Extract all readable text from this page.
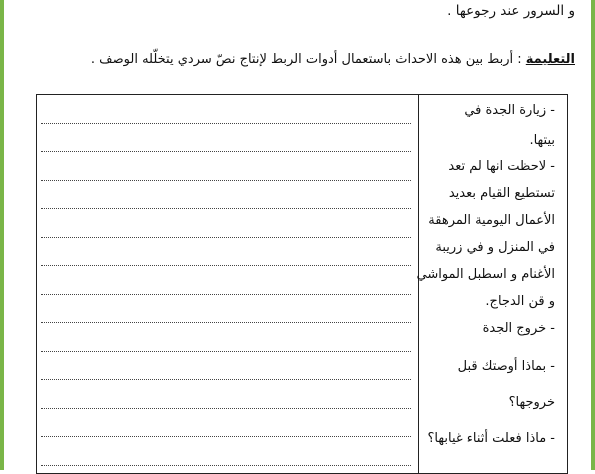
و السرور عند رجوعها .
التعليمة : أربط بين هذه الاحداث باستعمال أدوات الربط لإنتاج نصّ سردي يتخلّله الوصف .
- زيارة الجدة في
بيتها.
- لاحظت انها لم تعد
تستطيع القيام بعديد
الأعمال اليومية المرهقة
في المنزل و في زريبة
الأغنام و اسطبل المواشي
و قن الدجاج.
- خروج الجدة
- بماذا أوصتك قبل
خروجها؟
- ماذا فعلت أثناء غيابها؟
